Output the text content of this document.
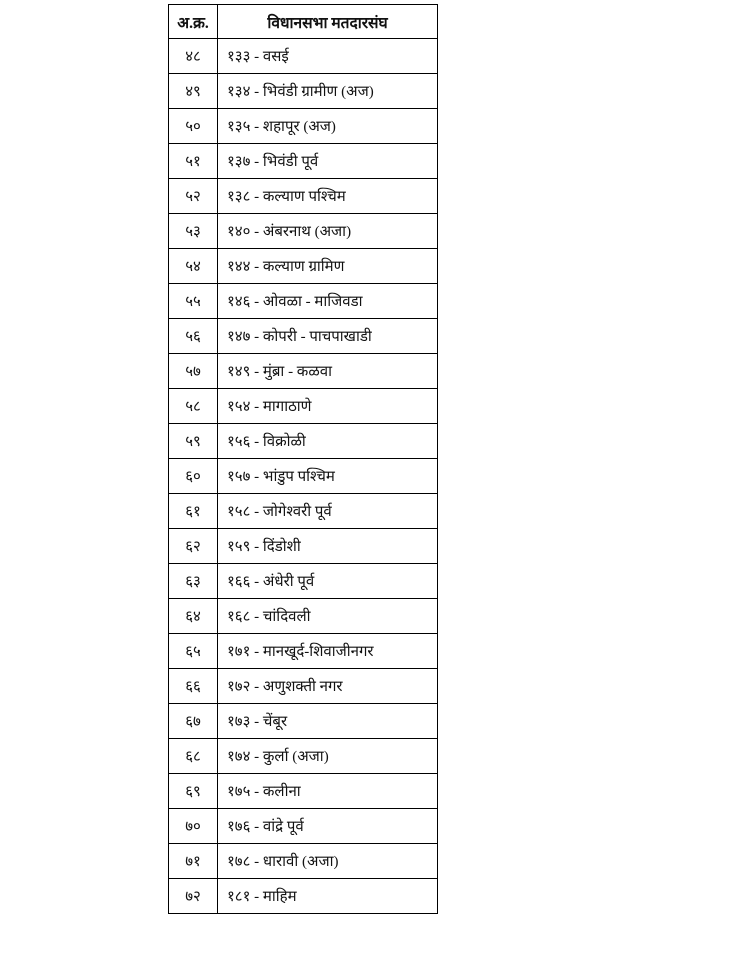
अ.क्र.	विधानसभा मतदारसंघ
४८	१३३ - वसई
४९	१३४ - भिवंडी ग्रामीण (अज)
५०	१३५ - शहापूर (अज)
५१	१३७ - भिवंडी पूर्व
५२	१३८ - कल्याण पश्चिम
५३	१४० - अंबरनाथ (अजा)
५४	१४४ - कल्याण ग्रामिण
५५	१४६ - ओवळा - माजिवडा
५६	१४७ - कोपरी - पाचपाखाडी
५७	१४९ - मुंब्रा - कळवा
५८	१५४ - मागाठाणे
५९	१५६ - विक्रोळी
६०	१५७ - भांडुप पश्चिम
६१	१५८ - जोगेश्वरी पूर्व
६२	१५९ - दिंडोशी
६३	१६६ - अंधेरी पूर्व
६४	१६८ - चांदिवली
६५	१७१ - मानखूर्द-शिवाजीनगर
६६	१७२ - अणुशक्ती नगर
६७	१७३ - चेंबूर
६८	१७४ - कुर्ला (अजा)
६९	१७५ - कलीना
७०	१७६ - वांद्रे पूर्व
७१	१७८ - धारावी (अजा)
७२	१८१ - माहिम
